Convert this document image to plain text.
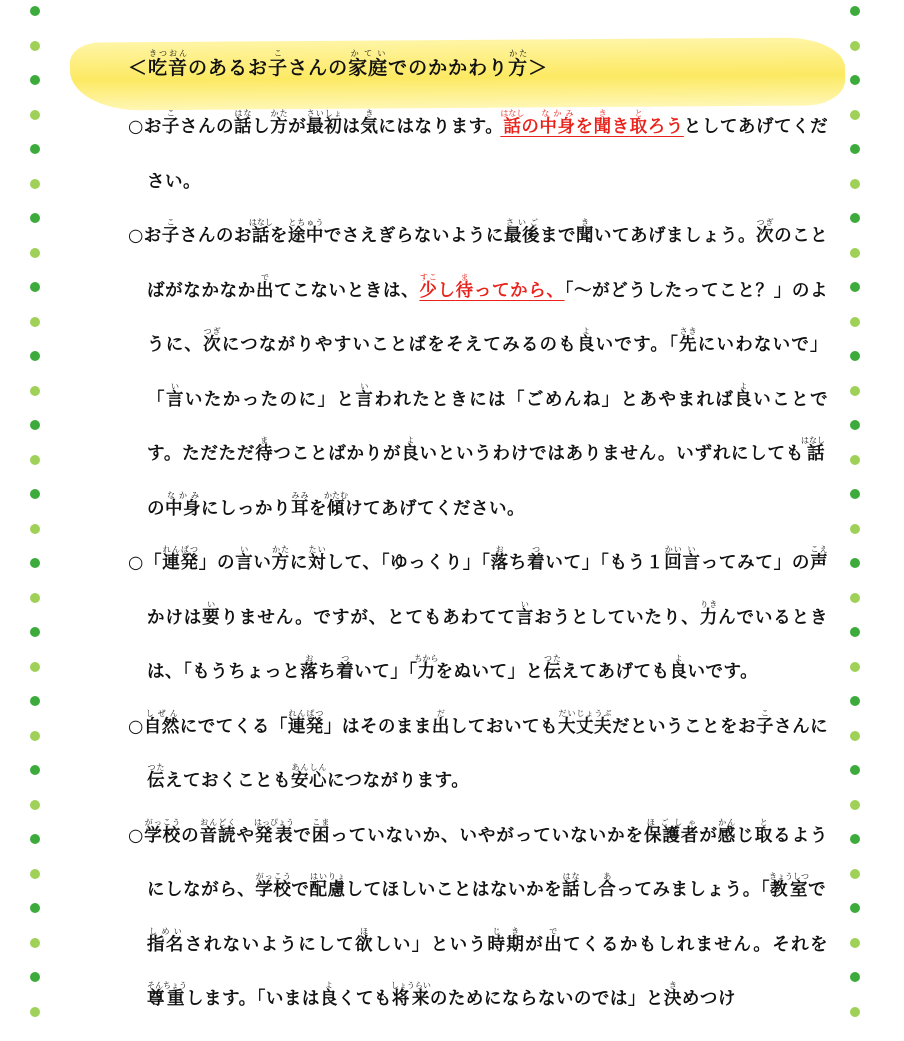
＜吃音きつおんのあるお子こさんの家庭かていでのかかわり方かた＞

○お子こさんの話はなし方かたが最初さいしょは気きにはなります。話はなしの中身なかみを聞きき取とろうとしてあげてください。

○お子こさんのお話はなしを途中とちゅうでさえぎらないように最後さいごまで聞きいてあげましょう。次つぎのことばがなかなか出でてこないときは、少すこし待まってから、「～がどうしたってこと？」のように、次つぎにつながりやすいことばをそえてみるのも良よいです。「先さきにいわないで」「言いいたかったのに」と言いわれたときには「ごめんね」とあやまれば良よいことです。ただただ待まつことばかりが良よいというわけではありません。いずれにしても話はなしの中身なかみにしっかり耳みみを傾かたむけてあげてください。

○「連発れんぱつ」の言いい方かたに対たいして、「ゆっくり」「落おち着ついて」「もう１回かい言いってみて」の声こえかけは要いりません。ですが、とてもあわてて言いおうとしていたり、力りきんでいるときは、「もうちょっと落おち着ついて」「力ちからをぬいて」と伝つたえてあげても良よいです。

○自然しぜんにでてくる「連発れんぱつ」はそのまま出だしておいても大丈夫だいじょうぶだということをお子こさんに伝つたえておくことも安心あんしんにつながります。

○学校がっこうの音読おんどくや発表はっぴょうで困こまっていないか、いやがっていないかを保護者ほごしゃが感かんじ取とるようにしながら、学校がっこうで配慮はいりょしてほしいことはないかを話はなし合あってみましょう。「教室きょうしつで指名しめいされないようにして欲ほしい」という時期じきが出でてくるかもしれません。それを尊重そんちょうします。「いまは良よくても将来しょうらいのためにならないのでは」と決きめつけ
